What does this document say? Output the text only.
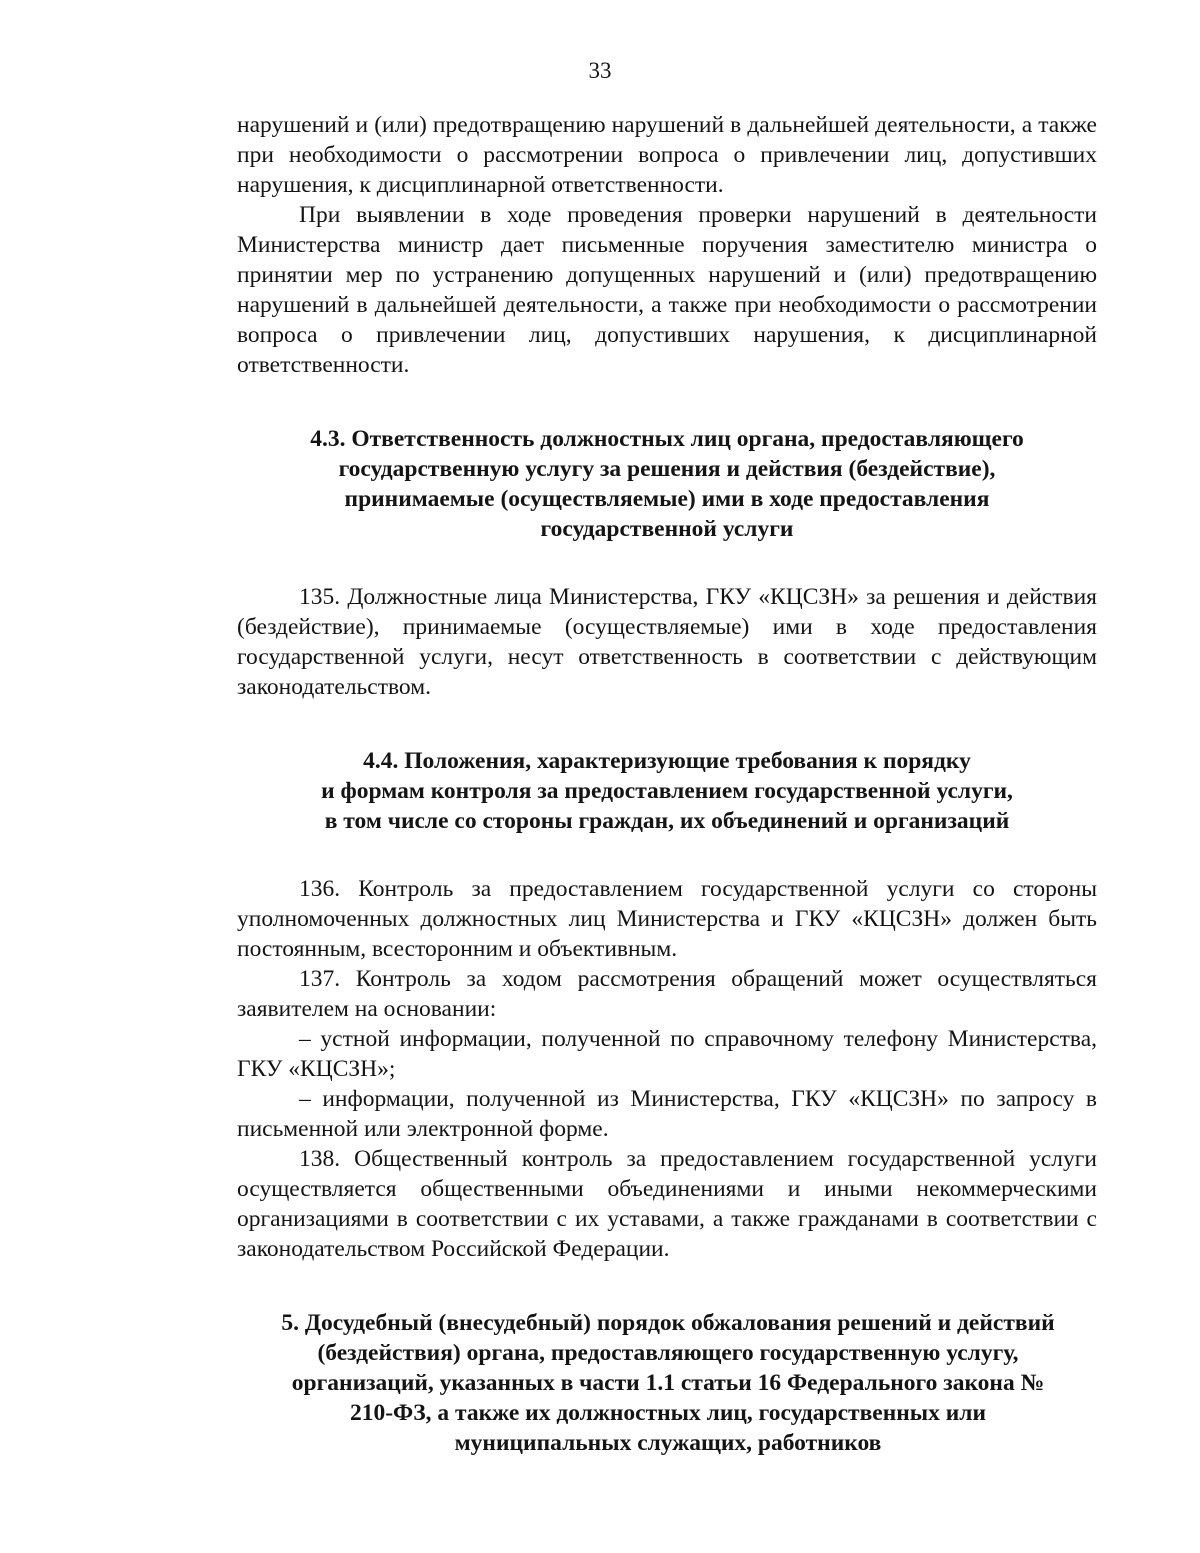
33

нарушений и (или) предотвращению нарушений в дальнейшей деятельности, а также при необходимости о рассмотрении вопроса о привлечении лиц, допустивших нарушения, к дисциплинарной ответственности.

При выявлении в ходе проведения проверки нарушений в деятельности Министерства министр дает письменные поручения заместителю министра о принятии мер по устранению допущенных нарушений и (или) предотвращению нарушений в дальнейшей деятельности, а также при необходимости о рассмотрении вопроса о привлечении лиц, допустивших нарушения, к дисциплинарной ответственности.

4.3. Ответственность должностных лиц органа, предоставляющего
государственную услугу за решения и действия (бездействие),
принимаемые (осуществляемые) ими в ходе предоставления
государственной услуги

135. Должностные лица Министерства, ГКУ «КЦСЗН» за решения и действия (бездействие), принимаемые (осуществляемые) ими в ходе предоставления государственной услуги, несут ответственность в соответствии с действующим законодательством.

4.4. Положения, характеризующие требования к порядку
и формам контроля за предоставлением государственной услуги,
в том числе со стороны граждан, их объединений и организаций

136. Контроль за предоставлением государственной услуги со стороны уполномоченных должностных лиц Министерства и ГКУ «КЦСЗН» должен быть постоянным, всесторонним и объективным.

137. Контроль за ходом рассмотрения обращений может осуществляться заявителем на основании:

– устной информации, полученной по справочному телефону Министерства, ГКУ «КЦСЗН»;

– информации, полученной из Министерства, ГКУ «КЦСЗН» по запросу в письменной или электронной форме.

138. Общественный контроль за предоставлением государственной услуги осуществляется общественными объединениями и иными некоммерческими организациями в соответствии с их уставами, а также гражданами в соответствии с законодательством Российской Федерации.

5. Досудебный (внесудебный) порядок обжалования решений и действий
(бездействия) органа, предоставляющего государственную услугу,
организаций, указанных в части 1.1 статьи 16 Федерального закона №
210-ФЗ, а также их должностных лиц, государственных или
муниципальных служащих, работников
